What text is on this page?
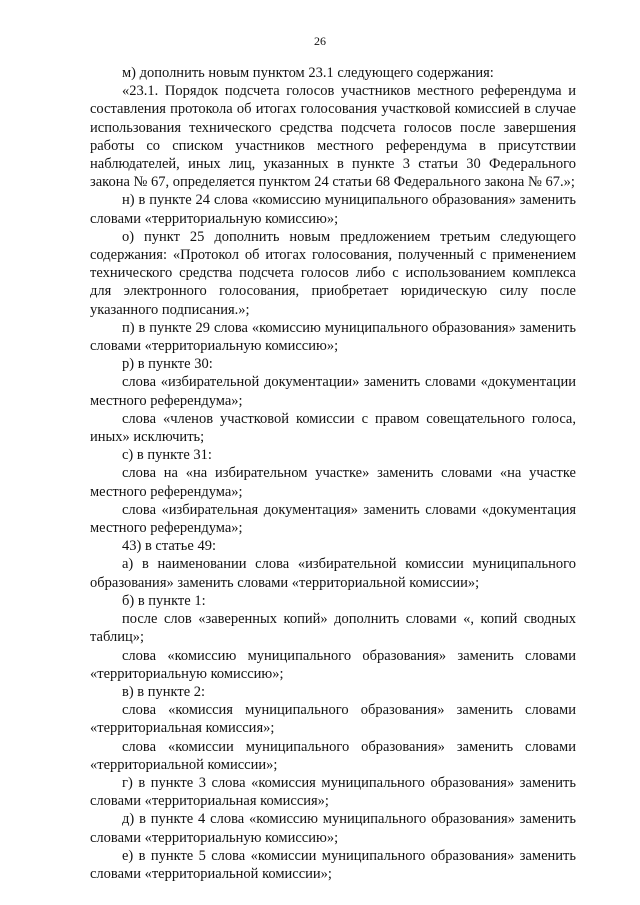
26

м) дополнить новым пунктом 23.1 следующего содержания:

«23.1. Порядок подсчета голосов участников местного референдума и составления протокола об итогах голосования участковой комиссией в случае использования технического средства подсчета голосов после завершения работы со списком участников местного референдума в присутствии наблюдателей, иных лиц, указанных в пункте 3 статьи 30 Федерального закона № 67, определяется пунктом 24 статьи 68 Федерального закона № 67.»;

н) в пункте 24 слова «комиссию муниципального образования» заменить словами «территориальную комиссию»;

о) пункт 25 дополнить новым предложением третьим следующего содержания: «Протокол об итогах голосования, полученный с применением технического средства подсчета голосов либо с использованием комплекса для электронного голосования, приобретает юридическую силу после указанного подписания.»;

п) в пункте 29 слова «комиссию муниципального образования» заменить словами «территориальную комиссию»;

р) в пункте 30:

слова «избирательной документации» заменить словами «документации местного референдума»;

слова «членов участковой комиссии с правом совещательного голоса, иных» исключить;

с) в пункте 31:

слова на «на избирательном участке» заменить словами «на участке местного референдума»;

слова «избирательная документация» заменить словами «документация местного референдума»;

43) в статье 49:

а) в наименовании слова «избирательной комиссии муниципального образования» заменить словами «территориальной комиссии»;

б) в пункте 1:

после слов «заверенных копий» дополнить словами «, копий сводных таблиц»;

слова «комиссию муниципального образования» заменить словами «территориальную комиссию»;

в) в пункте 2:

слова «комиссия муниципального образования» заменить словами «территориальная комиссия»;

слова «комиссии муниципального образования» заменить словами «территориальной комиссии»;

г) в пункте 3 слова «комиссия муниципального образования» заменить словами «территориальная комиссия»;

д) в пункте 4 слова «комиссию муниципального образования» заменить словами «территориальную комиссию»;

е) в пункте 5 слова «комиссии муниципального образования» заменить словами «территориальной комиссии»;
